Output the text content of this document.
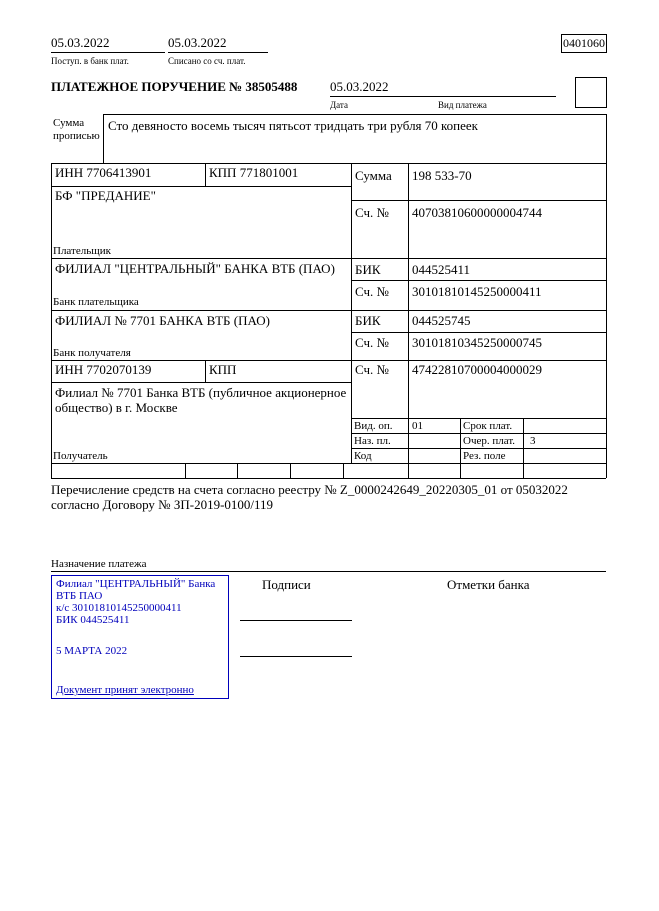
05.03.2022
Поступ. в банк плат.
05.03.2022
Списано со сч. плат.
0401060
ПЛАТЕЖНОЕ ПОРУЧЕНИЕ № 38505488	05.03.2022
Дата	Вид платежа
Сумма прописью
Сто девяносто восемь тысяч пятьсот тридцать три рубля 70 копеек
ИНН 7706413901	КПП 771801001	Сумма 198 533-70
БФ "ПРЕДАНИЕ"
Сч. № 40703810600000004744
Плательщик
ФИЛИАЛ "ЦЕНТРАЛЬНЫЙ" БАНКА ВТБ (ПАО) БИК 044525411
Сч. № 30101810145250000411
Банк плательщика
ФИЛИАЛ № 7701 БАНКА ВТБ (ПАО)	БИК 044525745
Сч. № 30101810345250000745
Банк получателя
ИНН 7702070139	КПП	Сч. № 47422810700004000029
Филиал № 7701 Банка ВТБ (публичное акционерное общество) в г. Москве
Получатель
Вид. оп. 01	Срок плат.
Наз. пл.	Очер. плат. 3
Код	Рез. поле
Перечисление средств на счета согласно реестру № Z_0000242649_20220305_01 от 05032022 согласно Договору № ЗП-2019-0100/119
Назначение платежа
Подписи	Отметки банка
Филиал "ЦЕНТРАЛЬНЫЙ" Банка
ВТБ ПАО
к/с 30101810145250000411
БИК 044525411
5 МАРТА 2022
Документ принят электронно
